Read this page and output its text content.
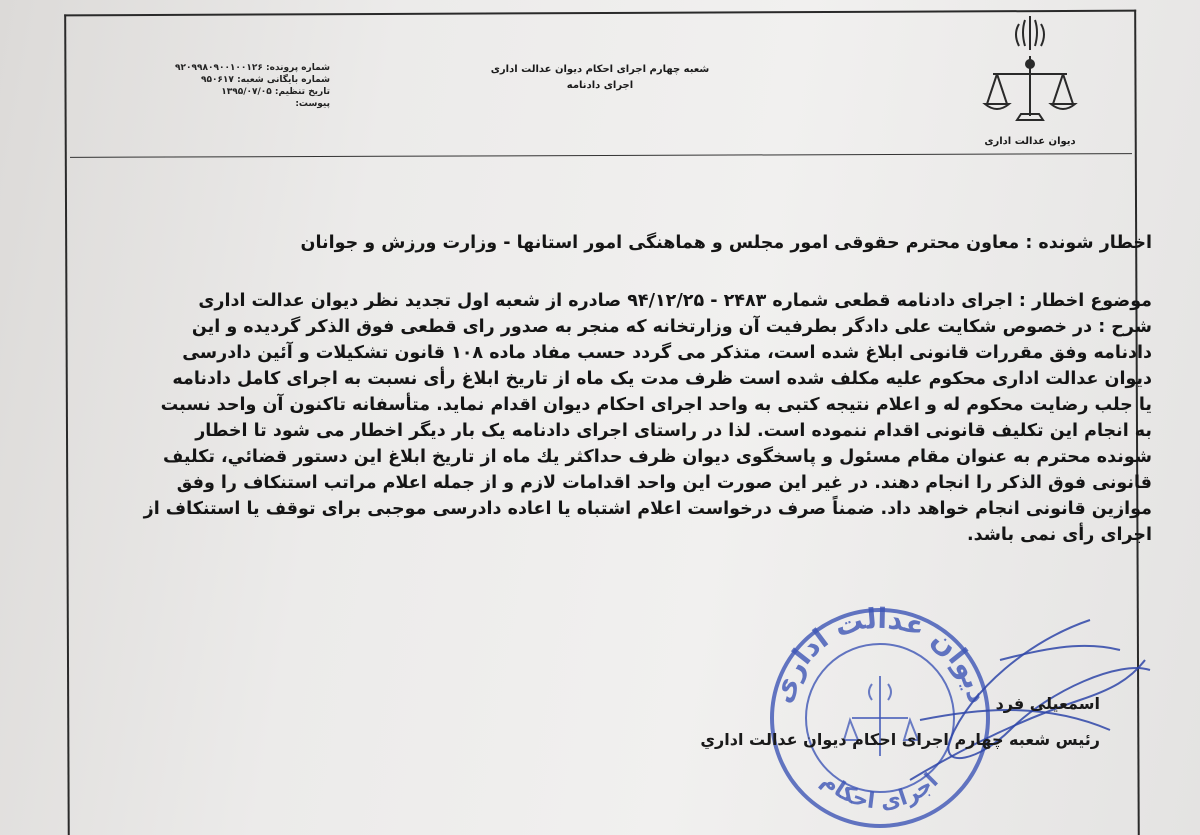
شماره پرونده: ۹۲۰۹۹۸۰۹۰۰۱۰۰۱۲۶
شماره بایگانی شعبه: ۹۵۰۶۱۷
تاریخ تنظیم: ۱۳۹۵/۰۷/۰۵
پیوست:
شعبه چهارم اجرای احکام دیوان عدالت اداری
اجرای دادنامه
دیوان عدالت اداری
اخطار شونده : معاون محترم حقوقی امور مجلس و هماهنگی امور استانها - وزارت ورزش و جوانان
موضوع اخطار : اجرای دادنامه قطعی شماره ۲۴۸۳ - ۹۴/۱۲/۲۵ صادره از شعبه اول تجدید نظر دیوان عدالت اداری
شرح : در خصوص شکایت علی دادگر بطرفیت آن وزارتخانه که منجر به صدور رای قطعی فوق الذکر گردیده و این
دادنامه وفق مقررات قانونی ابلاغ شده است، متذکر می گردد حسب مفاد ماده ۱۰۸ قانون تشکیلات و آئین دادرسی
دیوان عدالت اداری محکوم علیه مکلف شده است ظرف مدت یک ماه از تاریخ ابلاغ رأی نسبت به اجرای کامل دادنامه
یا جلب رضایت محکوم له و اعلام نتیجه کتبی به واحد اجرای احکام دیوان اقدام نماید. متأسفانه تاکنون آن واحد نسبت
به انجام این تکلیف قانونی اقدام ننموده است. لذا در راستای اجرای دادنامه یک بار دیگر اخطار می شود تا اخطار
شونده محترم به عنوان مقام مسئول و پاسخگوی دیوان ظرف حداکثر یك ماه از تاریخ ابلاغ این دستور قضائي، تكليف
قانونی فوق الذکر را انجام دهند. در غیر این صورت این واحد اقدامات لازم و از جمله اعلام مراتب استنکاف را وفق
موازین قانونی انجام خواهد داد. ضمناً صرف درخواست اعلام اشتباه یا اعاده دادرسی موجبی برای توقف یا استنکاف از
اجرای رأی نمی باشد.
دیوان عدالت اداری
اجرای احکام
اسمعیلی فرد
رئیس شعبه چهارم اجرای احکام دیوان عدالت اداري
